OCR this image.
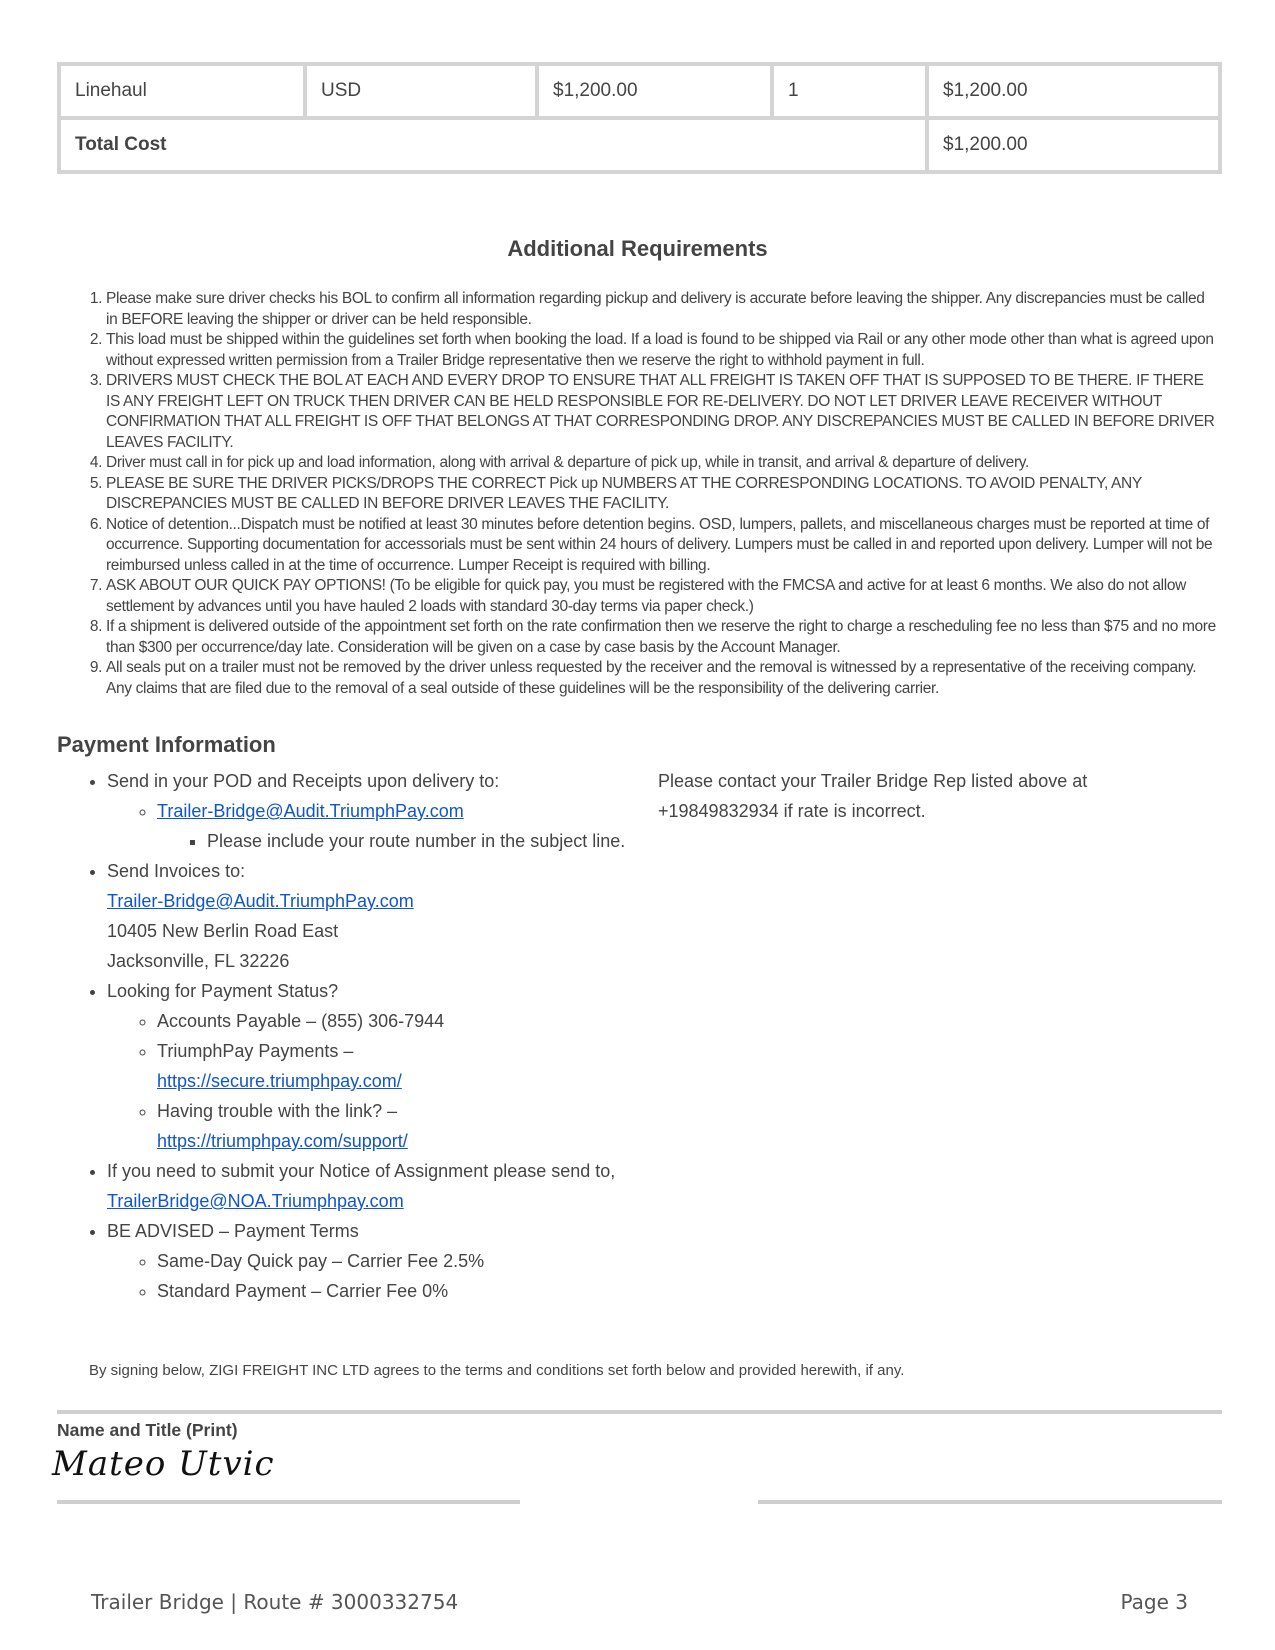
Linehaul	USD	$1,200.00	1	$1,200.00
Total Cost				$1,200.00
Additional Requirements
1. Please make sure driver checks his BOL to confirm all information regarding pickup and delivery is accurate before leaving the shipper. Any discrepancies must be called in BEFORE leaving the shipper or driver can be held responsible.
2. This load must be shipped within the guidelines set forth when booking the load. If a load is found to be shipped via Rail or any other mode other than what is agreed upon without expressed written permission from a Trailer Bridge representative then we reserve the right to withhold payment in full.
3. DRIVERS MUST CHECK THE BOL AT EACH AND EVERY DROP TO ENSURE THAT ALL FREIGHT IS TAKEN OFF THAT IS SUPPOSED TO BE THERE. IF THERE IS ANY FREIGHT LEFT ON TRUCK THEN DRIVER CAN BE HELD RESPONSIBLE FOR RE-DELIVERY. DO NOT LET DRIVER LEAVE RECEIVER WITHOUT CONFIRMATION THAT ALL FREIGHT IS OFF THAT BELONGS AT THAT CORRESPONDING DROP. ANY DISCREPANCIES MUST BE CALLED IN BEFORE DRIVER LEAVES FACILITY.
4. Driver must call in for pick up and load information, along with arrival & departure of pick up, while in transit, and arrival & departure of delivery.
5. PLEASE BE SURE THE DRIVER PICKS/DROPS THE CORRECT Pick up NUMBERS AT THE CORRESPONDING LOCATIONS. TO AVOID PENALTY, ANY DISCREPANCIES MUST BE CALLED IN BEFORE DRIVER LEAVES THE FACILITY.
6. Notice of detention...Dispatch must be notified at least 30 minutes before detention begins. OSD, lumpers, pallets, and miscellaneous charges must be reported at time of occurrence. Supporting documentation for accessorials must be sent within 24 hours of delivery. Lumpers must be called in and reported upon delivery. Lumper will not be reimbursed unless called in at the time of occurrence. Lumper Receipt is required with billing.
7. ASK ABOUT OUR QUICK PAY OPTIONS! (To be eligible for quick pay, you must be registered with the FMCSA and active for at least 6 months. We also do not allow settlement by advances until you have hauled 2 loads with standard 30-day terms via paper check.)
8. If a shipment is delivered outside of the appointment set forth on the rate confirmation then we reserve the right to charge a rescheduling fee no less than $75 and no more than $300 per occurrence/day late. Consideration will be given on a case by case basis by the Account Manager.
9. All seals put on a trailer must not be removed by the driver unless requested by the receiver and the removal is witnessed by a representative of the receiving company. Any claims that are filed due to the removal of a seal outside of these guidelines will be the responsibility of the delivering carrier.
Payment Information
• Send in your POD and Receipts upon delivery to:
◦ Trailer-Bridge@Audit.TriumphPay.com
▪ Please include your route number in the subject line.
• Send Invoices to:
Trailer-Bridge@Audit.TriumphPay.com
10405 New Berlin Road East
Jacksonville, FL 32226
• Looking for Payment Status?
◦ Accounts Payable – (855) 306-7944
◦ TriumphPay Payments –
https://secure.triumphpay.com/
◦ Having trouble with the link? –
https://triumphpay.com/support/
• If you need to submit your Notice of Assignment please send to, TrailerBridge@NOA.Triumphpay.com
• BE ADVISED – Payment Terms
◦ Same-Day Quick pay – Carrier Fee 2.5%
◦ Standard Payment – Carrier Fee 0%
Please contact your Trailer Bridge Rep listed above at +19849832934 if rate is incorrect.
By signing below, ZIGI FREIGHT INC LTD agrees to the terms and conditions set forth below and provided herewith, if any.
Name and Title (Print)
Mateo Utvic
Trailer Bridge | Route # 3000332754	Page 3
